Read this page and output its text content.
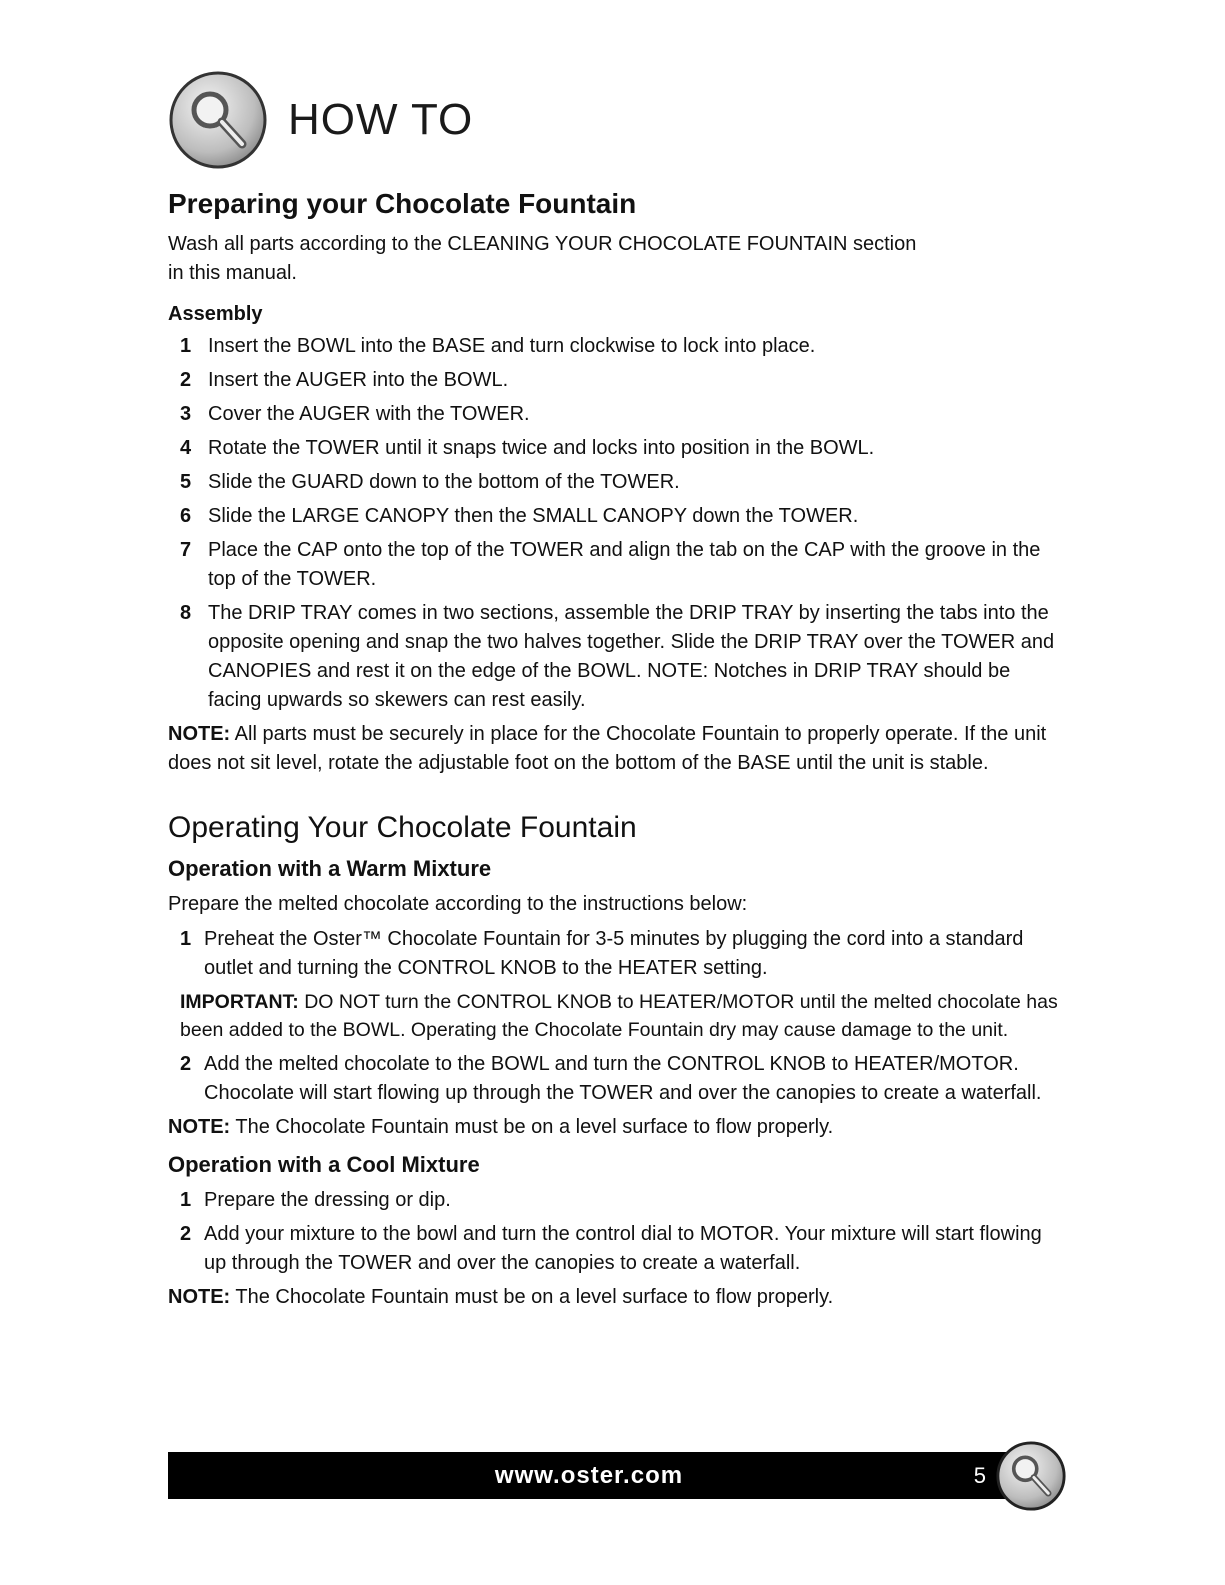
HOW TO
Preparing your Chocolate Fountain

Wash all parts according to the CLEANING YOUR CHOCOLATE FOUNTAIN section

in this manual.

Assembly
1 Insert the BOWL into the BASE and turn clockwise to lock into place.
2 Insert the AUGER into the BOWL.
3 Cover the AUGER with the TOWER.
4 Rotate the TOWER until it snaps twice and locks into position in the BOWL.
5 Slide the GUARD down to the bottom of the TOWER.
6 Slide the LARGE CANOPY then the SMALL CANOPY down the TOWER.
7 Place the CAP onto the top of the TOWER and align the tab on the CAP with the groove in the top of the TOWER.
8 The DRIP TRAY comes in two sections, assemble the DRIP TRAY by inserting the tabs into the opposite opening and snap the two halves together. Slide the DRIP TRAY over the TOWER and CANOPIES and rest it on the edge of the BOWL. NOTE: Notches in DRIP TRAY should be facing upwards so skewers can rest easily.

NOTE: All parts must be securely in place for the Chocolate Fountain to properly operate. If the unit does not sit level, rotate the adjustable foot on the bottom of the BASE until the unit is stable.

Operating Your Chocolate Fountain
Operation with a Warm Mixture

Prepare the melted chocolate according to the instructions below:

1 Preheat the Oster™ Chocolate Fountain for 3-5 minutes by plugging the cord into a standard outlet and turning the CONTROL KNOB to the HEATER setting.

IMPORTANT: DO NOT turn the CONTROL KNOB to HEATER/MOTOR until the melted chocolate has been added to the BOWL. Operating the Chocolate Fountain dry may cause damage to the unit.

2 Add the melted chocolate to the BOWL and turn the CONTROL KNOB to HEATER/MOTOR. Chocolate will start flowing up through the TOWER and over the canopies to create a waterfall.

NOTE: The Chocolate Fountain must be on a level surface to flow properly.

Operation with a Cool Mixture
1 Prepare the dressing or dip.
2 Add your mixture to the bowl and turn the control dial to MOTOR. Your mixture will start flowing up through the TOWER and over the canopies to create a waterfall.

NOTE: The Chocolate Fountain must be on a level surface to flow properly.

www.oster.com	5
